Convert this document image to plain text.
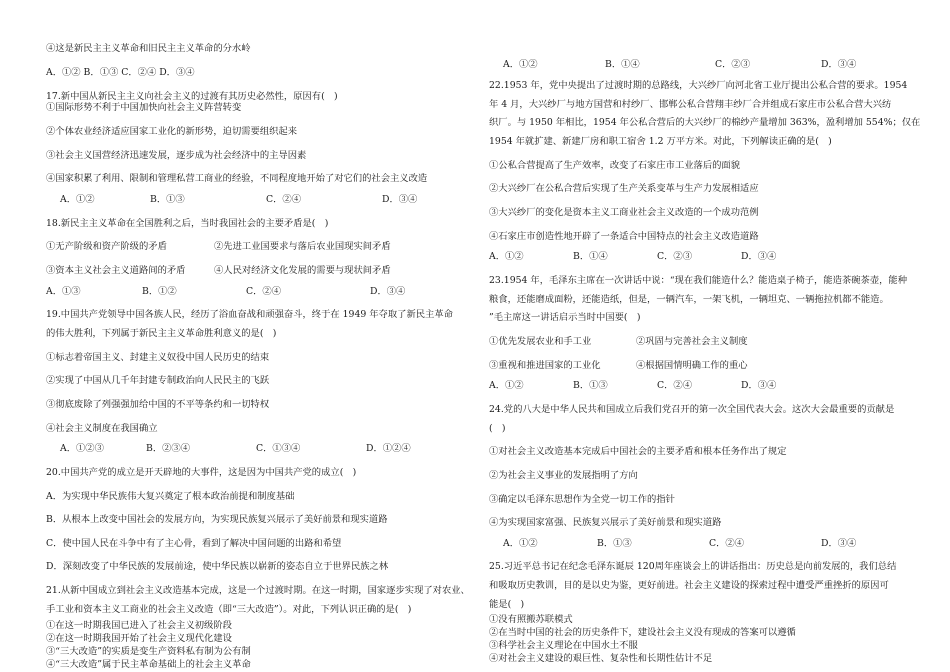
④这是新民主主义革命和旧民主主义革命的分水岭
A．①② B．①③ C．②④ D．③④
17.新中国从新民主主义向社会主义的过渡有其历史必然性，原因有(　)
①国际形势不利于中国加快向社会主义阵营转变
②个体农业经济适应国家工业化的新形势，迫切需要组织起来
③社会主义国营经济迅速发展，逐步成为社会经济中的主导因素
④国家积累了利用、限制和管理私营工商业的经验，不同程度地开始了对它们的社会主义改造
A．①②	B．①③	C．②④	D．③④
18.新民主主义革命在全国胜利之后，当时我国社会的主要矛盾是(　)
①无产阶级和资产阶级的矛盾	②先进工业国要求与落后农业国现实间矛盾
③资本主义社会主义道路间的矛盾	④人民对经济文化发展的需要与现状间矛盾
A．①③	B．①②	C．②④	D．③④
19.中国共产党领导中国各族人民，经历了浴血奋战和顽强奋斗，终于在 1949 年夺取了新民主革命
的伟大胜利，下列属于新民主主义革命胜利意义的是(　)
①标志着帝国主义、封建主义奴役中国人民历史的结束
②实现了中国从几千年封建专制政治向人民民主的飞跃
③彻底废除了列强强加给中国的不平等条约和一切特权
④社会主义制度在我国确立
A．①②③	B．②③④	C．①③④	D．①②④
20.中国共产党的成立是开天辟地的大事件，这是因为中国共产党的成立(　)
A．为实现中华民族伟大复兴奠定了根本政治前提和制度基础
B．从根本上改变中国社会的发展方向，为实现民族复兴展示了美好前景和现实道路
C．使中国人民在斗争中有了主心骨，看到了解决中国问题的出路和希望
D．深刻改变了中华民族的发展前途，使中华民族以崭新的姿态自立于世界民族之林
21.从新中国成立到社会主义改造基本完成，这是一个过渡时期。在这一时期，国家逐步实现了对农业、
手工业和资本主义工商业的社会主义改造（即“三大改造”）。对此，下列认识正确的是(　)
①在这一时期我国已进入了社会主义初级阶段
②在这一时期我国开始了社会主义现代化建设
③“三大改造”的实质是变生产资料私有制为公有制
④“三大改造”属于民主革命基础上的社会主义革命
A．①②	B．①④	C．②③	D．③④
22.1953 年，党中央提出了过渡时期的总路线，大兴纱厂向河北省工业厅提出公私合营的要求。1954
年 4 月，大兴纱厂与地方国营和村纱厂、邯郸公私合营翔丰纱厂合并组成石家庄市公私合营大兴纺
织厂。与 1950 年相比，1954 年公私合营后的大兴纱厂的棉纱产量增加 363%，盈利增加 554%；仅在
1954 年就扩建、新建厂房和职工宿舍 1.2 万平方米。对此，下列解读正确的是(　)
①公私合营提高了生产效率，改变了石家庄市工业落后的面貌
②大兴纱厂在公私合营后实现了生产关系变革与生产力发展相适应
③大兴纱厂的变化是资本主义工商业社会主义改造的一个成功范例
④石家庄市创造性地开辟了一条适合中国特点的社会主义改造道路
A．①②	B．①④	C．②③	D．③④
23.1954 年，毛泽东主席在一次讲话中说：“现在我们能造什么？能造桌子椅子，能造茶碗茶壶，能种
粮食，还能磨成面粉，还能造纸，但是，一辆汽车，一架飞机，一辆坦克、一辆拖拉机都不能造。
”毛主席这一讲话启示当时中国要(　)
①优先发展农业和手工业	②巩固与完善社会主义制度
③重视和推进国家的工业化	④根据国情明确工作的重心
A．①②	B．①③	C．②④	D．③④
24.党的八大是中华人民共和国成立后我们党召开的第一次全国代表大会。这次大会最重要的贡献是
(　)
①对社会主义改造基本完成后中国社会的主要矛盾和根本任务作出了规定
②为社会主义事业的发展指明了方向
③确定以毛泽东思想作为全党一切工作的指针
④为实现国家富强、民族复兴展示了美好前景和现实道路
A．①②	B．①③	C．②④	D．③④
25.习近平总书记在纪念毛泽东诞辰 120周年座谈会上的讲话指出：历史总是向前发展的，我们总结
和吸取历史教训，目的是以史为鉴，更好前进。社会主义建设的探索过程中遭受严重挫折的原因可
能是(　)
①没有照搬苏联模式
②在当时中国的社会的历史条件下，建设社会主义没有现成的答案可以遵循
③科学社会主义理论在中国水土不服
④对社会主义建设的艰巨性、复杂性和长期性估计不足
